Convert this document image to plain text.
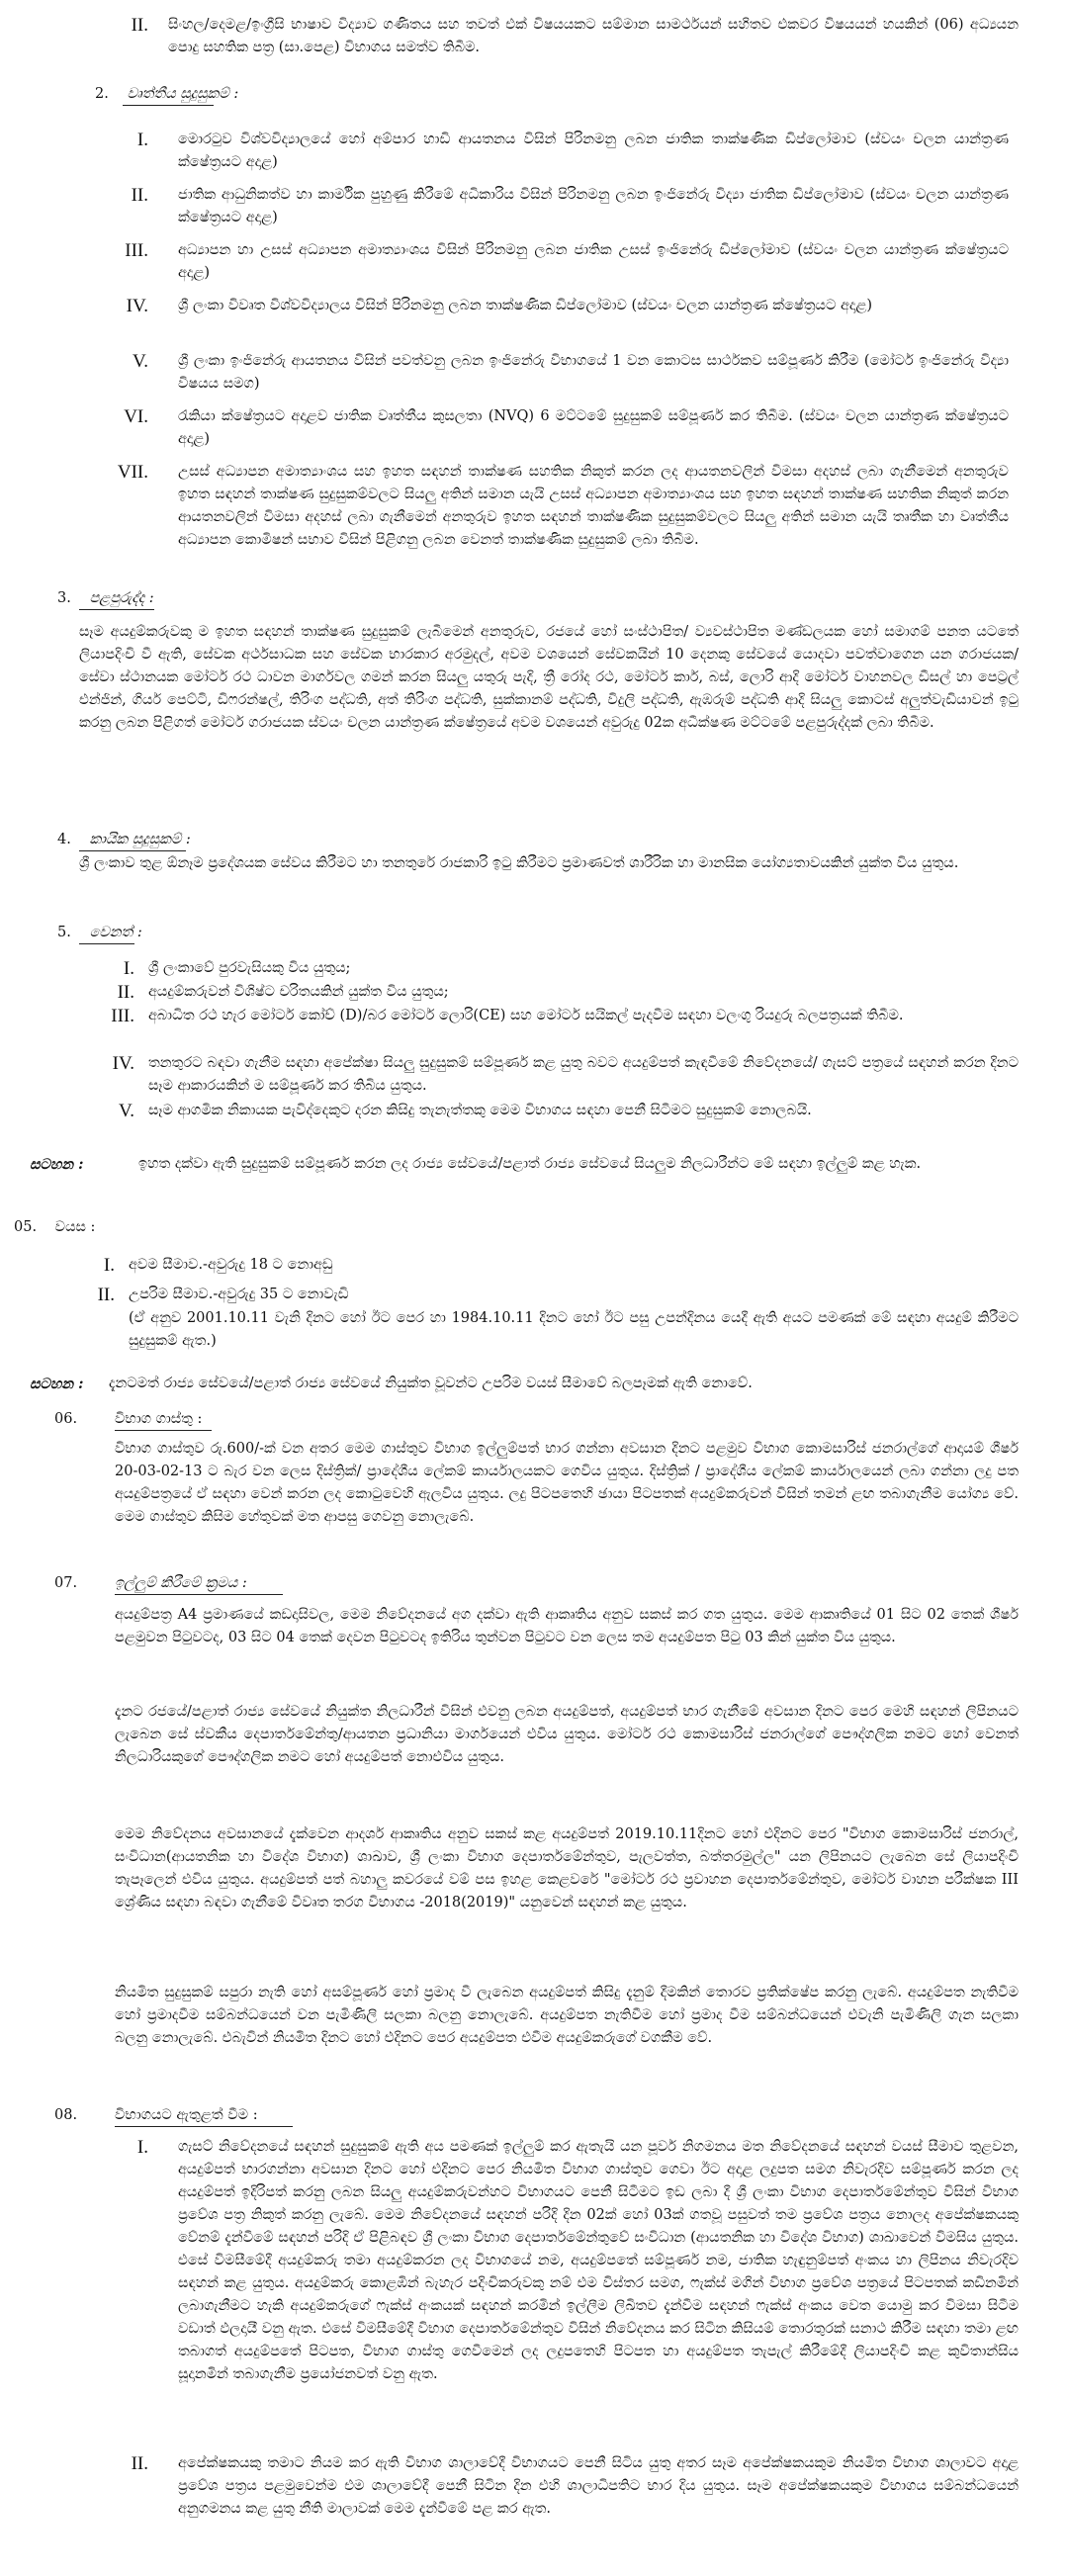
II. සිංහල/දෙමළ/ඉංග්‍රීසි භාෂාව විද්‍යාව ගණිතය සහ තවත් එක් විෂයයකට සම්මාන සාමර්ථයන් සහිතව එකවර විෂයයන් හයකින් (06) අධ්‍යයන පොදු සහතික පත්‍ර (සා.පෙළ) විභාගය සමත්ව තිබීම.
2. වෘත්තීය සුදුසුකම් :
I. මොරටුව විශ්වවිද්‍යාලයේ හෝ අම්පාර හාඩි ආයතනය විසින් පිරිනමනු ලබන ජාතික තාක්ෂණික ඩිප්ලෝමාව (ස්වයං චලන යාන්ත්‍රණ ක්ෂේත්‍රයට අදාළ)
II. ජාතික ආධුනිකත්ව හා කාර්මික පුහුණු කිරීමේ අධිකාරිය විසින් පිරිනමනු ලබන ඉංජිනේරු විද්‍යා ජාතික ඩිප්ලෝමාව (ස්වයං චලන යාන්ත්‍රණ ක්ෂේත්‍රයට අදාළ)
III. අධ්‍යාපන හා උසස් අධ්‍යාපන අමාත්‍යාංශය විසින් පිරිනමනු ලබන ජාතික උසස් ඉංජිනේරු ඩිප්ලෝමාව (ස්වයං චලන යාන්ත්‍රණ ක්ෂේත්‍රයට අදාළ)
IV. ශ්‍රී ලංකා විවෘත විශ්වවිද්‍යාලය විසින් පිරිනමනු ලබන තාක්ෂණික ඩිප්ලෝමාව (ස්වයං චලන යාන්ත්‍රණ ක්ෂේත්‍රයට අදාළ)
V. ශ්‍රී ලංකා ඉංජිනේරු ආයතනය විසින් පවත්වනු ලබන ඉංජිනේරු විභාගයේ 1 වන කොටස සාර්ථකව සම්පූර්ණ කිරීම (මෝටර් ඉංජිනේරු විද්‍යා විෂයය සමග)
VI. රැකියා ක්ෂේත්‍රයට අදාළව ජාතික වෘත්තීය කුසලතා (NVQ) 6 මට්ටමේ සුදුසුකම් සම්පූර්ණ කර තිබීම. (ස්වයං චලන යාන්ත්‍රණ ක්ෂේත්‍රයට අදාළ)
VII. උසස් අධ්‍යාපන අමාත්‍යාංශය සහ ඉහත සඳහන් තාක්ෂණ සහතික නිකුත් කරන ලද ආයතනවලින් විමසා අදහස් ලබා ගැනීමෙන් අනතුරුව ඉහත සඳහන් තාක්ෂණ සුදුසුකම්වලට සියලු අතින් සමාන යැයි උසස් අධ්‍යාපන අමාත්‍යාංශය සහ ඉහත සඳහන් තාක්ෂණ සහතික නිකුත් කරන ආයතනවලින් විමසා අදහස් ලබා ගැනීමෙන් අනතුරුව ඉහත සඳහන් තාක්ෂණික සුදුසුකම්වලට සියලු අතින් සමාන යැයි තෘතීක හා වෘත්තීය අධ්‍යාපන කොමිෂන් සභාව විසින් පිළිගනු ලබන වෙනත් තාක්ෂණික සුදුසුකම් ලබා තිබීම.
3. පළපුරුද්ද :
සෑම අයදුම්කරුවකු ම ඉහත සඳහන් තාක්ෂණ සුදුසුකම් ලැබීමෙන් අනතුරුව, රජයේ හෝ සංස්ථාපිත/ ව්‍යවස්ථාපිත මණ්ඩලයක හෝ සමාගම් පනත යටතේ ලියාපදිංචි වී ඇති, සේවක අර්ථසාධක සහ සේවක භාරකාර අරමුදල්, අවම වශයෙන් සේවකයින් 10 දෙනකු සේවයේ යොදවා පවත්වාගෙන යන ගරාජයක/ සේවා ස්ථානයක මෝටර් රථ ධාවන මාර්ගවල ගමන් කරන සියලු යතුරු පැදි, ත්‍රී රෝද රථ, මෝටර් කාර්, බස්, ලොරි ආදි මෝටර් වාහනවල ඩීසල් හා පෙට්‍රල් එන්ජින්, ගියර් පෙට්ටි, ඩිෆරන්ෂල්, තිරිංග පද්ධති, අත් තිරිංග පද්ධති, සුක්කානම් පද්ධති, විදුලි පද්ධති, ඇඹරුම් පද්ධති ආදි සියලු කොටස් අලුත්වැඩියාවන් ඉටු කරනු ලබන පිළිගත් මෝටර් ගරාජයක ස්වයං චලන යාන්ත්‍රණ ක්ෂේත්‍රයේ අවම වශයෙන් අවුරුදු 02ක අධීක්ෂණ මට්ටමේ පළපුරුද්දක් ලබා තිබීම.
4. කායික සුදුසුකම් :
ශ්‍රී ලංකාව තුළ ඕනෑම ප්‍රදේශයක සේවය කිරීමට හා තනතුරේ රාජකාරි ඉටු කිරීමට ප්‍රමාණවත් ශාරීරික හා මානසික යෝග්‍යතාවයකින් යුක්ත විය යුතුය.
5. වෙනත් :
I. ශ්‍රී ලංකාවේ පුරවැසියකු විය යුතුය;
II. අයදුම්කරුවන් විශිෂ්ට චරිතයකින් යුක්ත විය යුතුය;
III. අබාධිත රථ හැර මෝටර් කෝච් (D)/බර මෝටර් ලොරි(CE) සහ මෝටර් සයිකල් පැදවීම සඳහා වලංගු රියදුරු බලපත්‍රයක් තිබීම.
IV. තනතුරට බඳවා ගැනීම සඳහා අපේක්ෂා සියලු සුදුසුකම් සම්පූර්ණ කළ යුතු බවට අයදුම්පත් කැඳවීමේ නිවේදනයේ/ ගැසට් පත්‍රයේ සඳහන් කරන දිනට සෑම ආකාරයකින් ම සම්පූර්ණ කර තිබිය යුතුය.
V. සෑම ආගමික නිකායක පැවිද්දෙකුට දරන කිසිදු තැනැත්තකු මෙම විභාගය සඳහා පෙනී සිටීමට සුදුසුකම් නොලබයි.
සටහන :	ඉහත දක්වා ඇති සුදුසුකම් සම්පූර්ණ කරන ලද රාජ්‍ය සේවයේ/පළාත් රාජ්‍ය සේවයේ සියලුම නිලධාරීන්ට මේ සඳහා ඉල්ලුම් කළ හැක.
05. වයස :
I. අවම සීමාව.-අවුරුදු 18 ට නොඅඩු
II. උපරිම සීමාව.-අවුරුදු 35 ට නොවැඩි
(ඒ අනුව 2001.10.11 වැනි දිනට හෝ ඊට පෙර හා 1984.10.11 දිනට හෝ ඊට පසු උපන්දිනය යෙදී ඇති අයට පමණක් මේ සඳහා අයදුම් කිරීමට සුදුසුකම් ඇත.)
සටහන : දැනටමත් රාජ්‍ය සේවයේ/පළාත් රාජ්‍ය සේවයේ නියුක්ත වූවන්ට උපරිම වයස් සීමාවේ බලපෑමක් ඇති නොවේ.
06.	විභාග ගාස්තු :
විභාග ගාස්තුව රු.600/-ක් වන අතර මෙම ගාස්තුව විභාග ඉල්ලුම්පත් භාර ගන්නා අවසාන දිනට පළමුව විභාග කොමසාරිස් ජනරාල්ගේ ආදායම් ශීර්ෂ 20-03-02-13 ට බැර වන ලෙස දිස්ත්‍රික්/ ප්‍රාදේශීය ලේකම් කාර්යාලයකට ගෙවිය යුතුය. දිස්ත්‍රික් / ප්‍රාදේශීය ලේකම් කාර්යාලයෙන් ලබා ගන්නා ලදු පත අයදුම්පත්‍රයේ ඒ සඳහා වෙන් කරන ලද කොටුවෙහි ඇලවිය යුතුය. ලදු පිටපතෙහි ඡායා පිටපතක් අයදුම්කරුවන් විසින් තමන් ළඟ තබාගැනීම යෝග්‍ය වේ. මෙම ගාස්තුව කිසිම හේතුවක් මත ආපසු ගෙවනු නොලැබේ.
07.	ඉල්ලුම් කිරීමේ ක්‍රමය :
අයදුම්පත්‍ර A4 ප්‍රමාණයේ කඩදාසිවල, මෙම නිවේදනයේ අග දක්වා ඇති ආකෘතිය අනුව සකස් කර ගත යුතුය. මෙම ආකෘතියේ 01 සිට 02 තෙක් ශීර්ෂ පළමුවන පිටුවටද, 03 සිට 04 තෙක් දෙවන පිටුවටද ඉතිරිය තුන්වන පිටුවට වන ලෙස තම අයදුම්පත පිටු 03 කින් යුක්ත විය යුතුය.
දැනට රජයේ/පළාත් රාජ්‍ය සේවයේ නියුක්ත නිලධාරීන් විසින් එවනු ලබන අයදුම්පත්, අයදුම්පත් භාර ගැනීමේ අවසාන දිනට පෙර මෙහි සඳහන් ලිපිනයට ලැබෙන සේ ස්වකීය දෙපාර්තමේන්තු/ආයතන ප්‍රධානියා මාර්ගයෙන් එවිය යුතුය. මෝටර් රථ කොමසාරිස් ජනරාල්ගේ පෞද්ගලික නමට හෝ වෙනත් නිලධාරියකුගේ පෞද්ගලික නමට හෝ අයදුම්පත් නොඑවිය යුතුය.
මෙම නිවේදනය අවසානයේ දැක්වෙන ආදර්ශ ආකෘතිය අනුව සකස් කළ අයදුම්පත් 2019.10.11දිනට හෝ එදිනට පෙර "විභාග කොමසාරිස් ජනරාල්, සංවිධාන(ආයතනික හා විදේශ විභාග) ශාඛාව, ශ්‍රී ලංකා විභාග දෙපාර්තමේන්තුව, පැලවත්ත, බත්තරමුල්ල" යන ලිපිනයට ලැබෙන සේ ලියාපදිංචි තැපෑලෙන් එවිය යුතුය. අයදුම්පත් පත් බහාලු කවරයේ වම් පස ඉහළ කෙළවරේ "මෝටර් රථ ප්‍රවාහන දෙපාර්තමේන්තුව, මෝටර් වාහන පරීක්ෂක III ශ්‍රේණිය සඳහා බඳවා ගැනීමේ විවෘත තරග විභාගය -2018(2019)" යනුවෙන් සඳහන් කළ යුතුය.
නියමිත සුදුසුකම් සපුරා නැති හෝ අසම්පූර්ණ හෝ ප්‍රමාද වී ලැබෙන අයදුම්පත් කිසිදු දැනුම් දීමකින් තොරව ප්‍රතික්ෂේප කරනු ලැබේ. අයදුම්පත නැතිවීම හෝ ප්‍රමාදවීම සම්බන්ධයෙන් වන පැමිණිලි සලකා බලනු නොලැබේ. අයදුම්පත නැතිවීම හෝ ප්‍රමාද වීම සම්බන්ධයෙන් එවැනි පැමිණිලි ගැන සලකා බලනු නොලැබේ. එබැවින් නියමිත දිනට හෝ එදිනට පෙර අයදුම්පත එවීම අයදුම්කරුගේ වගකීම වේ.
08.	විභාගයට ඇතුළත් වීම :
I. ගැසට් නිවේදනයේ සඳහන් සුදුසුකම් ඇති අය පමණක් ඉල්ලුම් කර ඇතැයි යන පූර්ව නිගමනය මත නිවේදනයේ සඳහන් වයස් සීමාව තුළවන, අයදුම්පත් භාරගන්නා අවසාන දිනට හෝ එදිනට පෙර නියමිත විභාග ගාස්තුව ගෙවා ඊට අදාළ ලදුපත සමග නිවැරදිව සම්පූර්ණ කරන ලද අයදුම්පත් ඉදිරිපත් කරනු ලබන සියලු අයදුම්කරුවන්හට විභාගයට පෙනී සිටීමට ඉඩ ලබා දී ශ්‍රී ලංකා විභාග දෙපාර්තමේන්තුව විසින් විභාග ප්‍රවේශ පත්‍ර නිකුත් කරනු ලැබේ. මෙම නිවේදනයේ සඳහන් පරිදි දින 02ක් හෝ 03ක් ගතවූ පසුවත් තම ප්‍රවේශ පත්‍රය නොලද අපේක්ෂකයකු වේනම් දැන්වීමේ සඳහන් පරිදි ඒ පිළිබඳව ශ්‍රී ලංකා විභාග දෙපාර්තමේන්තුවේ සංවිධාන (ආයතනික හා විදේශ විභාග) ශාඛාවෙන් විමසිය යුතුය. එසේ විමසීමේදී අයදුම්කරු තමා අයදුම්කරන ලද විභාගයේ නම, අයදුම්පතේ සම්පූර්ණ නම, ජාතික හැඳුනුම්පත් අංකය හා ලිපිනය නිවැරදිව සඳහන් කළ යුතුය. අයදුම්කරු කොළඹින් බැහැර පදිංචිකරුවකු නම් එම විස්තර සමග, ෆැක්ස් මගින් විභාග ප්‍රවේශ පත්‍රයේ පිටපතක් කඩිනමින් ලබාගැනීමට හැකි අයදුම්කරුගේ ෆැක්ස් අංකයක් සඳහන් කරමින් ඉල්ලීම ලිඛිතව දැන්වීම සඳහන් ෆැක්ස් අංකය වෙත යොමු කර විමසා සිටීම වඩාත් ඵලදායී වනු ඇත. එසේ විමසීමේදී විභාග දෙපාර්තමේන්තුව විසින් නිවේදනය කර සිටින කිසියම් තොරතුරක් සනාථ කිරීම සඳහා තමා ළඟ තබාගත් අයදුම්පතේ පිටපත, විභාග ගාස්තු ගෙවීමෙන් ලද ලදුපතෙහි පිටපත හා අයදුම්පත තැපැල් කිරීමේදී ලියාපදිංචි කළ කුවිතාන්සිය සූදානමින් තබාගැනීම ප්‍රයෝජනවත් වනු ඇත.
II. අපේක්ෂකයකු තමාට නියම කර ඇති විභාග ශාලාවේදී විභාගයට පෙනී සිටිය යුතු අතර සෑම අපේක්ෂකයකුම නියමිත විභාග ශාලාවට අදාළ ප්‍රවේශ පත්‍රය පළමුවෙන්ම එම ශාලාවේදී පෙනී සිටින දින එහි ශාලාධිපතිට භාර දිය යුතුය. සෑම අපේක්ෂකයකුම විභාගය සම්බන්ධයෙන් අනුගමනය කළ යුතු නීති මාලාවක් මෙම දැන්වීමේ පළ කර ඇත.
